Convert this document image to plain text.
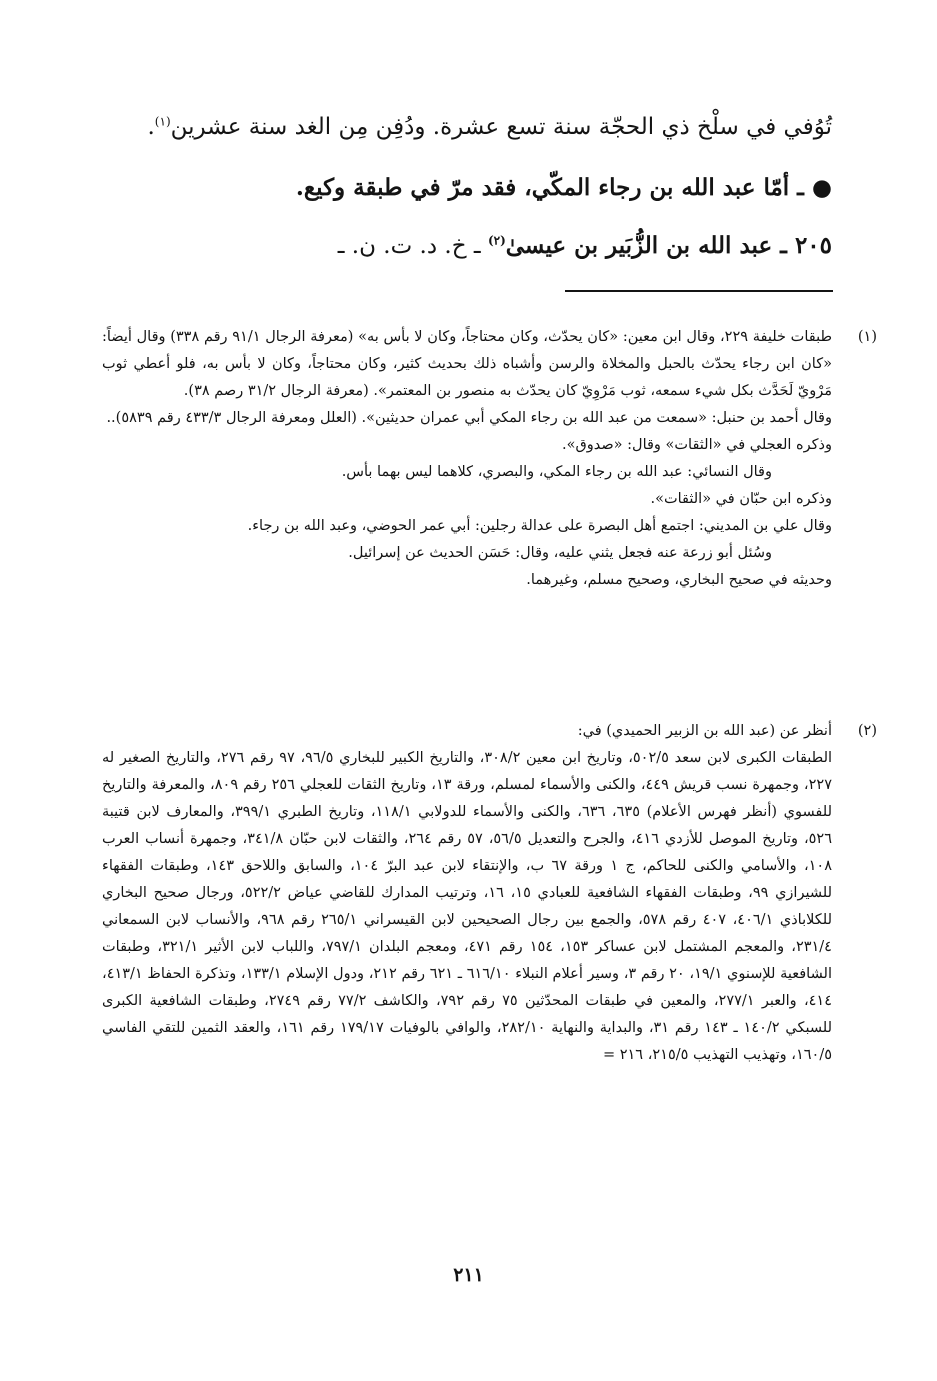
تُوُفي في سلْخ ذي الحجّة سنة تسع عشرة. ودُفِن مِن الغد سنة عشرين$^{(١)}$.
● ـ أمّا عبد الله بن رجاء المكّي، فقد مرّ في طبقة وكيع.
٢٠٥ ـ عبد الله بن الزُّبَير بن عيسىٰ$^{(٢)}$ ـ خ. د. ت. ن. ـ
(١)

طبقات خليفة ٢٢٩، وقال ابن معين: «كان يحدّث، وكان محتاجاً، وكان لا بأس به» (معرفة الرجال ٩١/١ رقم ٣٣٨) وقال أيضاً: «كان ابن رجاء يحدّث بالحبل والمخلاة والرسن وأشباه ذلك بحديث كثير، وكان محتاجاً، وكان لا بأس به، فلو أعطي ثوب مَرْويّ لَحَدَّث بكل شيء سمعه، ثوب مَرْوِيّ كان يحدّث به منصور بن المعتمر». (معرفة الرجال ٣١/٢ رصم ٣٨).

وقال أحمد بن حنبل: «سمعت من عبد الله بن رجاء المكي أبي عمران حديثين». (العلل ومعرفة الرجال ٤٣٣/٣ رقم ٥٨٣٩)..

وذكره العجلي في «الثقات» وقال: «صدوق».

وقال النسائي: عبد الله بن رجاء المكي، والبصري، كلاهما ليس بهما بأس.

وذكره ابن حبّان في «الثقات».

وقال علي بن المديني: اجتمع أهل البصرة على عدالة رجلين: أبي عمر الحوضي، وعبد الله بن رجاء.

وسُئل أبو زرعة عنه فجعل يثني عليه، وقال: حَسَن الحديث عن إسرائيل.

وحديثه في صحيح البخاري، وصحيح مسلم، وغيرهما.

(٢)

أنظر عن (عبد الله بن الزبير الحميدي) في:

الطبقات الكبرى لابن سعد ٥٠٢/٥، وتاريخ ابن معين ٣٠٨/٢، والتاريخ الكبير للبخاري ٩٦/٥، ٩٧ رقم ٢٧٦، والتاريخ الصغير له ٢٢٧، وجمهرة نسب قريش ٤٤٩، والكنى والأسماء لمسلم، ورقة ١٣، وتاريخ الثقات للعجلي ٢٥٦ رقم ٨٠٩، والمعرفة والتاريخ للفسوي (أنظر فهرس الأعلام) ٦٣٥، ٦٣٦، والكنى والأسماء للدولابي ١١٨/١، وتاريخ الطبري ٣٩٩/١، والمعارف لابن قتيبة ٥٢٦، وتاريخ الموصل للأزدي ٤١٦، والجرح والتعديل ٥٦/٥، ٥٧ رقم ٢٦٤، والثقات لابن حبّان ٣٤١/٨، وجمهرة أنساب العرب ١٠٨، والأسامي والكنى للحاكم، ج ١ ورقة ٦٧ ب، والإنتقاء لابن عبد البرّ ١٠٤، والسابق واللاحق ١٤٣، وطبقات الفقهاء للشيرازي ٩٩، وطبقات الفقهاء الشافعية للعبادي ١٥، ١٦، وترتيب المدارك للقاضي عياض ٥٢٢/٢، ورجال صحيح البخاري للكلاباذي ٤٠٦/١، ٤٠٧ رقم ٥٧٨، والجمع بين رجال الصحيحين لابن القيسراني ٢٦٥/١ رقم ٩٦٨، والأنساب لابن السمعاني ٢٣١/٤، والمعجم المشتمل لابن عساكر ١٥٣، ١٥٤ رقم ٤٧١، ومعجم البلدان ٧٩٧/١، واللباب لابن الأثير ٣٢١/١، وطبقات الشافعية للإسنوي ١٩/١، ٢٠ رقم ٣، وسير أعلام النبلاء ٦١٦/١٠ ـ ٦٢١ رقم ٢١٢، ودول الإسلام ١٣٣/١، وتذكرة الحفاظ ٤١٣/١، ٤١٤، والعبر ٢٧٧/١، والمعين في طبقات المحدّثين ٧٥ رقم ٧٩٢، والكاشف ٧٧/٢ رقم ٢٧٤٩، وطبقات الشافعية الكبرى للسبكي ١٤٠/٢ ـ ١٤٣ رقم ٣١، والبداية والنهاية ٢٨٢/١٠، والوافي بالوفيات ١٧٩/١٧ رقم ١٦١، والعقد الثمين للتقي الفاسي ١٦٠/٥، وتهذيب التهذيب ٢١٥/٥، ٢١٦ =

٢١١
